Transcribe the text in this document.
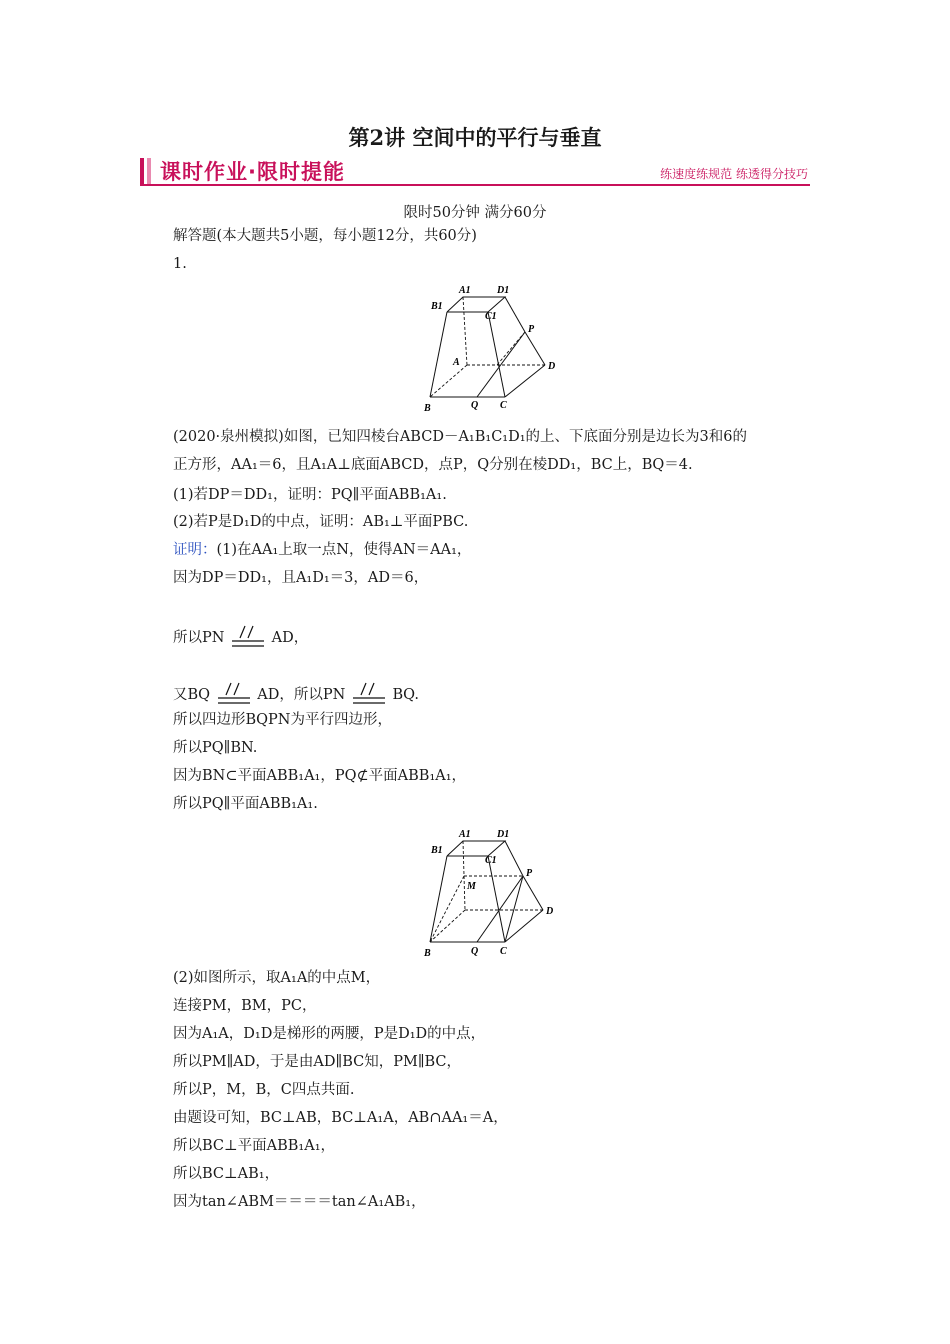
第2讲 空间中的平行与垂直
课时作业·限时提能	练速度练规范 练透得分技巧
限时50分钟 满分60分
解答题(本大题共5小题，每小题12分，共60分)
1.
A1	D1
B1
C1
P
A	D
B	Q C
(2020·泉州模拟)如图，已知四棱台ABCD－A₁B₁C₁D₁的上、下底面分别是边长为3和6的
正方形，AA₁＝6，且A₁A⊥底面ABCD，点P，Q分别在棱DD₁，BC上，BQ＝4.
(1)若DP＝DD₁，证明：PQ∥平面ABB₁A₁.
(2)若P是D₁D的中点，证明：AB₁⊥平面PBC.
证明：(1)在AA₁上取一点N，使得AN＝AA₁，
因为DP＝DD₁，且A₁D₁＝3，AD＝6，
所以PN	AD，
又BQ	AD，所以PN	BQ.
所以四边形BQPN为平行四边形，
所以PQ∥BN.
因为BN⊂平面ABB₁A₁，PQ⊄平面ABB₁A₁，
所以PQ∥平面ABB₁A₁.
A1	D1
B1
C1
M
P
D
B	Q C
(2)如图所示，取A₁A的中点M，
连接PM，BM，PC，
因为A₁A，D₁D是梯形的两腰，P是D₁D的中点，
所以PM∥AD，于是由AD∥BC知，PM∥BC，
所以P，M，B，C四点共面.
由题设可知，BC⊥AB，BC⊥A₁A，AB∩AA₁＝A，
所以BC⊥平面ABB₁A₁，
所以BC⊥AB₁，
因为tan∠ABM＝＝＝＝tan∠A₁AB₁，
